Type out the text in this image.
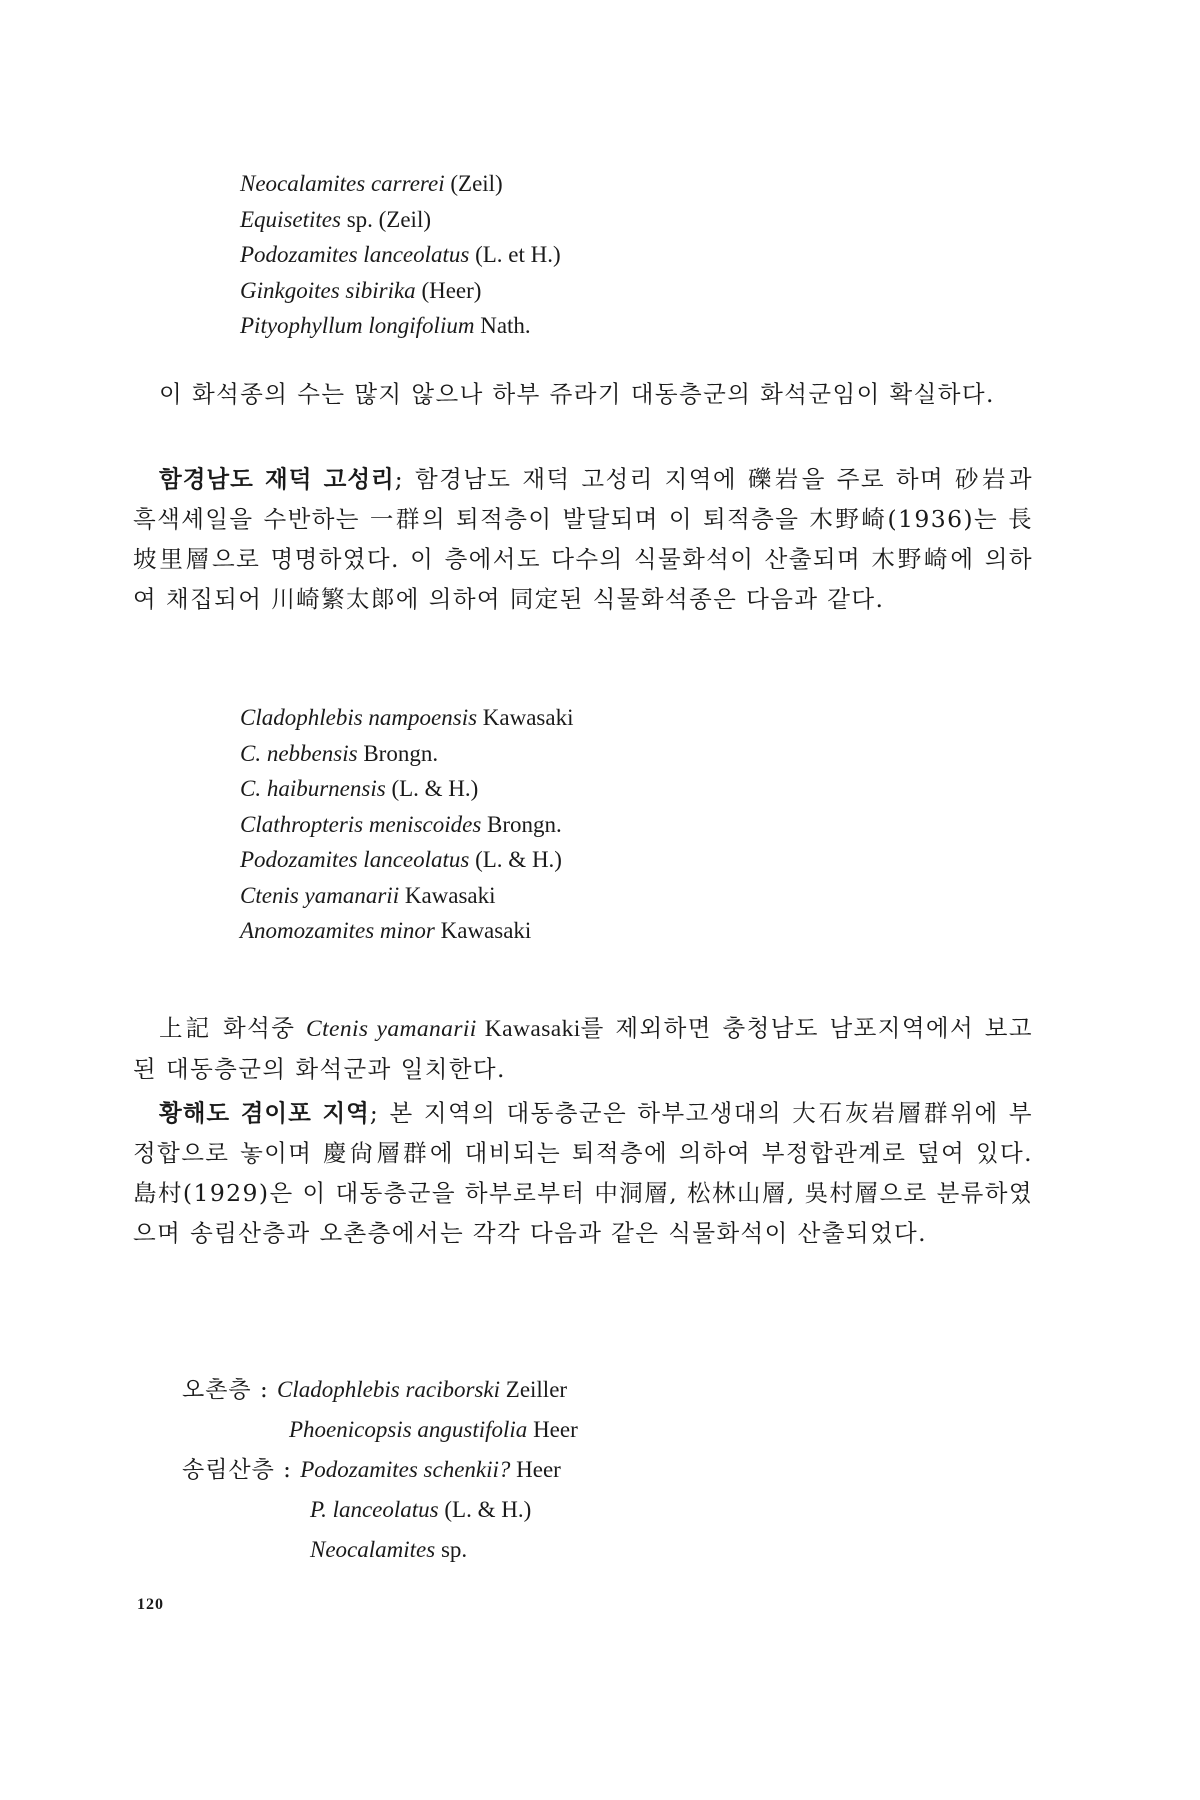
Neocalamites carrerei (Zeil)
Equisetites sp. (Zeil)
Podozamites lanceolatus (L. et H.)
Ginkgoites sibirika (Heer)
Pityophyllum longifolium Nath.

이 화석종의 수는 많지 않으나 하부 쥬라기 대동층군의 화석군임이 확실하다.

함경남도 재덕 고성리; 함경남도 재덕 고성리 지역에 礫岩을 주로 하며 砂岩과 흑색셰일을 수반하는 一群의 퇴적층이 발달되며 이 퇴적층을 木野崎(1936)는 長坡里層으로 명명하였다. 이 층에서도 다수의 식물화석이 산출되며 木野崎에 의하여 채집되어 川崎繁太郞에 의하여 同定된 식물화석종은 다음과 같다.

Cladophlebis nampoensis Kawasaki
C. nebbensis Brongn.
C. haiburnensis (L. & H.)
Clathropteris meniscoides Brongn.
Podozamites lanceolatus (L. & H.)
Ctenis yamanarii Kawasaki
Anomozamites minor Kawasaki

上記 화석중 Ctenis yamanarii Kawasaki를 제외하면 충청남도 남포지역에서 보고된 대동층군의 화석군과 일치한다.

황해도 겸이포 지역; 본 지역의 대동층군은 하부고생대의 大石灰岩層群위에 부정합으로 놓이며 慶尙層群에 대비되는 퇴적층에 의하여 부정합관계로 덮여 있다. 島村(1929)은 이 대동층군을 하부로부터 中洞層, 松林山層, 吳村層으로 분류하였으며 송림산층과 오촌층에서는 각각 다음과 같은 식물화석이 산출되었다.

오촌층 : Cladophlebis raciborski Zeiller
Phoenicopsis angustifolia Heer
송림산층 : Podozamites schenkii? Heer
P. lanceolatus (L. & H.)
Neocalamites sp.
120
